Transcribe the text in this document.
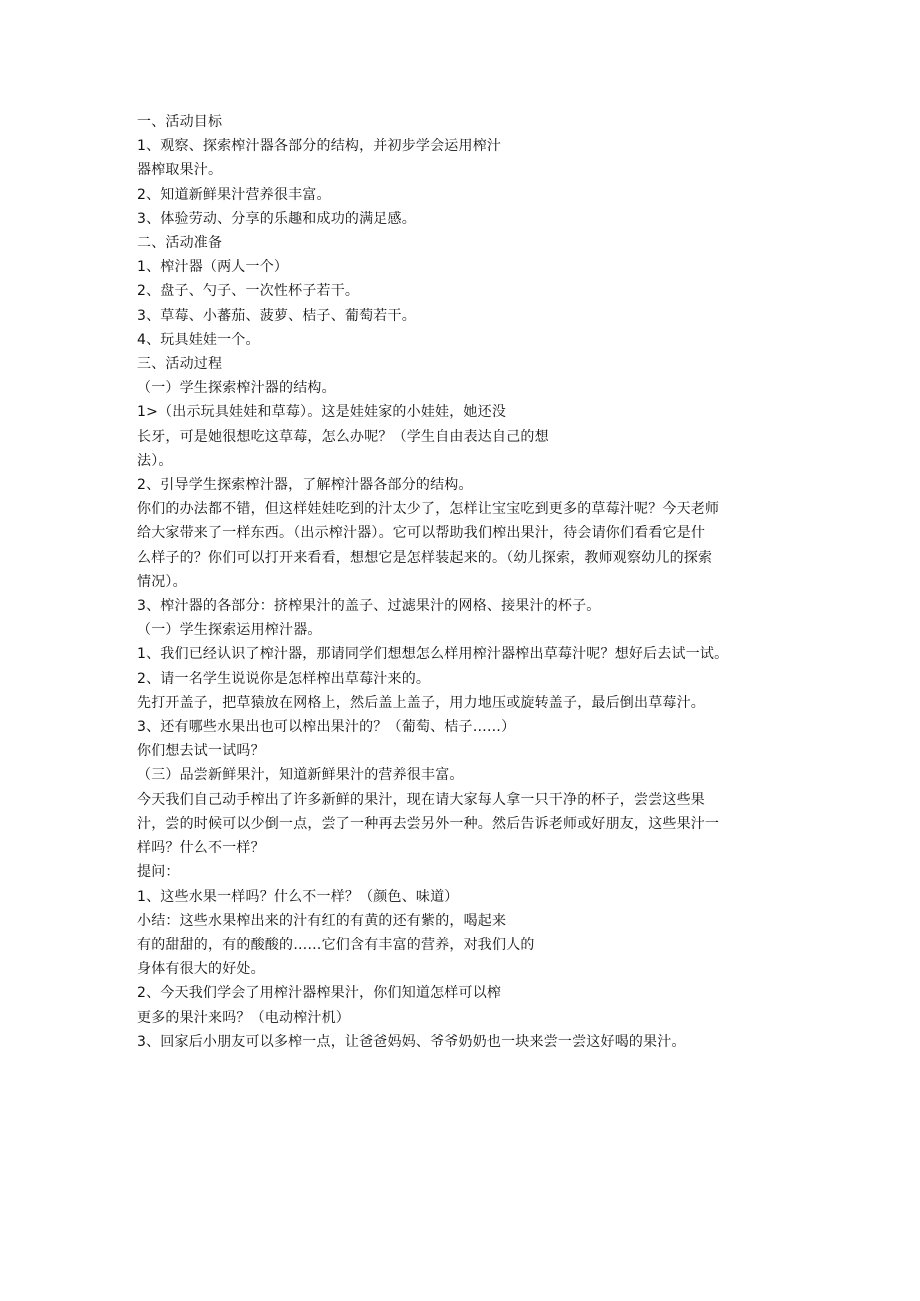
一、活动目标

1、观察、探索榨汁器各部分的结构，并初步学会运用榨汁

器榨取果汁。

2、知道新鲜果汁营养很丰富。

3、体验劳动、分享的乐趣和成功的满足感。

二、活动准备

1、榨汁器（两人一个）

2、盘子、勺子、一次性杯子若干。

3、草莓、小蕃茄、菠萝、桔子、葡萄若干。

4、玩具娃娃一个。

三、活动过程

（一）学生探索榨汁器的结构。

1>（出示玩具娃娃和草莓）。这是娃娃家的小娃娃，她还没

长牙，可是她很想吃这草莓，怎么办呢？（学生自由表达自己的想

法）。

2、引导学生探索榨汁器，了解榨汁器各部分的结构。

你们的办法都不错，但这样娃娃吃到的汁太少了，怎样让宝宝吃到更多的草莓汁呢？今天老师

给大家带来了一样东西。（出示榨汁器）。它可以帮助我们榨出果汁，待会请你们看看它是什

么样子的？你们可以打开来看看，想想它是怎样装起来的。（幼儿探索，教师观察幼儿的探索

情况）。

3、榨汁器的各部分：挤榨果汁的盖子、过滤果汁的网格、接果汁的杯子。

（一）学生探索运用榨汁器。

1、我们已经认识了榨汁器，那请同学们想想怎么样用榨汁器榨出草莓汁呢？想好后去试一试。

2、请一名学生说说你是怎样榨出草莓汁来的。

先打开盖子，把草猿放在网格上，然后盖上盖子，用力地压或旋转盖子，最后倒出草莓汁。

3、还有哪些水果出也可以榨出果汁的？（葡萄、桔子……）

你们想去试一试吗？

（三）品尝新鲜果汁，知道新鲜果汁的营养很丰富。

今天我们自己动手榨出了许多新鲜的果汁，现在请大家每人拿一只干净的杯子，尝尝这些果

汁，尝的时候可以少倒一点，尝了一种再去尝另外一种。然后告诉老师或好朋友，这些果汁一

样吗？什么不一样？

提问：

1、这些水果一样吗？什么不一样？（颜色、味道）

小结：这些水果榨出来的汁有红的有黄的还有紫的，喝起来

有的甜甜的，有的酸酸的……它们含有丰富的营养，对我们人的

身体有很大的好处。

2、今天我们学会了用榨汁器榨果汁，你们知道怎样可以榨

更多的果汁来吗？（电动榨汁机）

3、回家后小朋友可以多榨一点，让爸爸妈妈、爷爷奶奶也一块来尝一尝这好喝的果汁。
